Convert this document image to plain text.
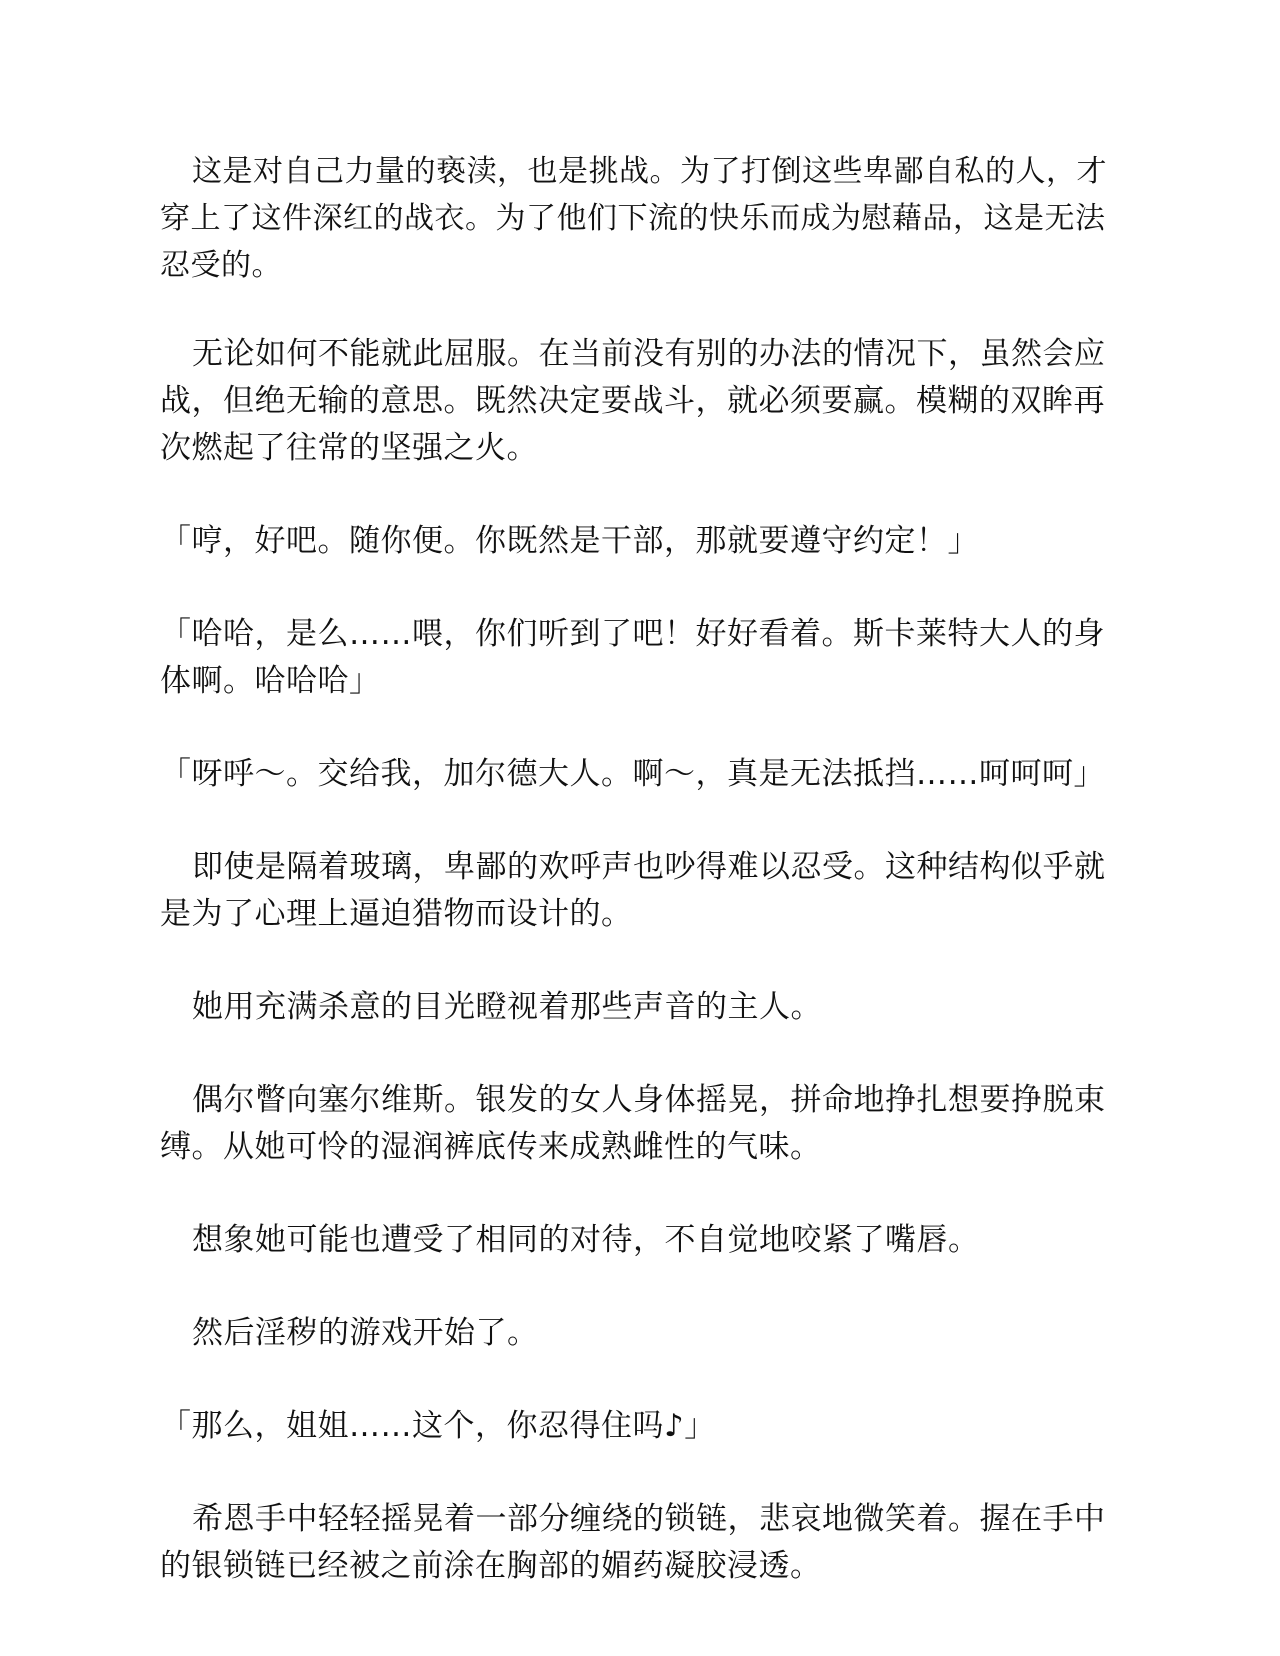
这是对自己力量的亵渎，也是挑战。为了打倒这些卑鄙自私的人，才穿上了这件深红的战衣。为了他们下流的快乐而成为慰藉品，这是无法忍受的。

无论如何不能就此屈服。在当前没有别的办法的情况下，虽然会应战，但绝无输的意思。既然决定要战斗，就必须要赢。模糊的双眸再次燃起了往常的坚强之火。

「哼，好吧。随你便。你既然是干部，那就要遵守约定！」

「哈哈，是么……喂，你们听到了吧！好好看着。斯卡莱特大人的身体啊。哈哈哈」

「呀呼～。交给我，加尔德大人。啊～，真是无法抵挡……呵呵呵」

即使是隔着玻璃，卑鄙的欢呼声也吵得难以忍受。这种结构似乎就是为了心理上逼迫猎物而设计的。

她用充满杀意的目光瞪视着那些声音的主人。

偶尔瞥向塞尔维斯。银发的女人身体摇晃，拼命地挣扎想要挣脱束缚。从她可怜的湿润裤底传来成熟雌性的气味。

想象她可能也遭受了相同的对待，不自觉地咬紧了嘴唇。

然后淫秽的游戏开始了。

「那么，姐姐……这个，你忍得住吗♪」

希恩手中轻轻摇晃着一部分缠绕的锁链，悲哀地微笑着。握在手中的银锁链已经被之前涂在胸部的媚药凝胶浸透。
